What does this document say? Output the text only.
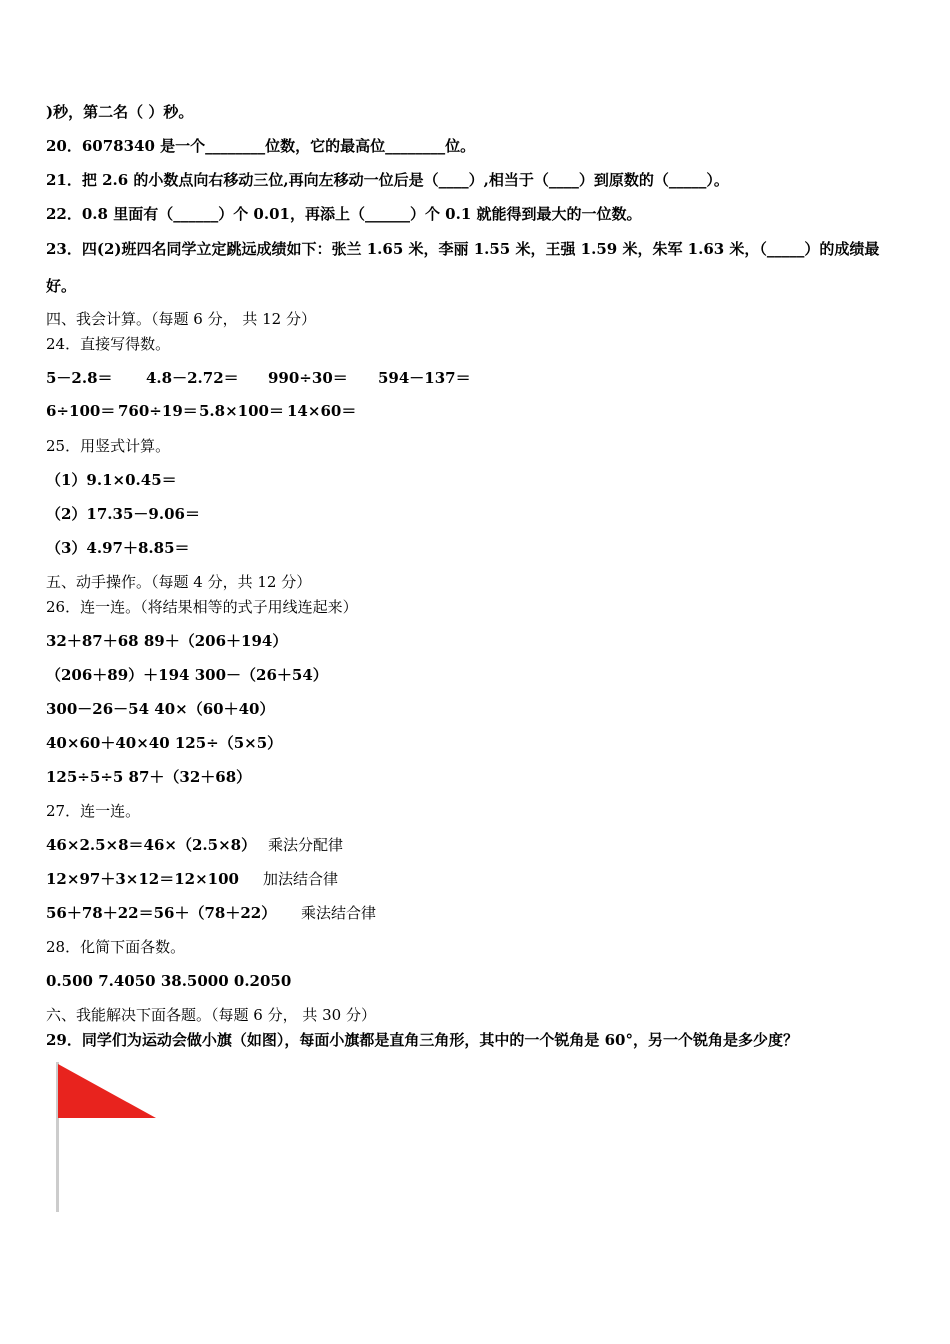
)秒，第二名（ ）秒。
20．6078340 是一个________位数，它的最高位________位。
21．把 2.6 的小数点向右移动三位,再向左移动一位后是（____）,相当于（____）到原数的（_____）。
22．0.8 里面有（______）个 0.01，再添上（______）个 0.1 就能得到最大的一位数。
23．四(2)班四名同学立定跳远成绩如下：张兰 1.65 米，李丽 1.55 米，王强 1.59 米，朱军 1.63 米，（_____）的成绩最
好。
四、我会计算。（每题 6 分， 共 12 分）
24．直接写得数。
5－2.8＝ 4.8－2.72＝ 990÷30＝ 594－137＝
6÷100＝ 760÷19＝5.8×100＝ 14×60＝
25．用竖式计算。
（1）9.1×0.45＝
（2）17.35－9.06＝
（3）4.97＋8.85＝
五、动手操作。（每题 4 分，共 12 分）
26．连一连。（将结果相等的式子用线连起来）
32＋87＋68 89＋（206＋194）
（206＋89）＋194 300－（26＋54）
300－26－54 40×（60＋40）
40×60＋40×40 125÷（5×5）
125÷5÷5 87＋（32＋68）
27．连一连。
46×2.5×8＝46×（2.5×8） 乘法分配律
12×97＋3×12＝12×100 加法结合律
56＋78＋22＝56＋（78＋22） 乘法结合律
28．化简下面各数。
0.500 7.4050 38.5000 0.2050
六、我能解决下面各题。（每题 6 分， 共 30 分）
29．同学们为运动会做小旗（如图），每面小旗都是直角三角形，其中的一个锐角是 60°，另一个锐角是多少度？
